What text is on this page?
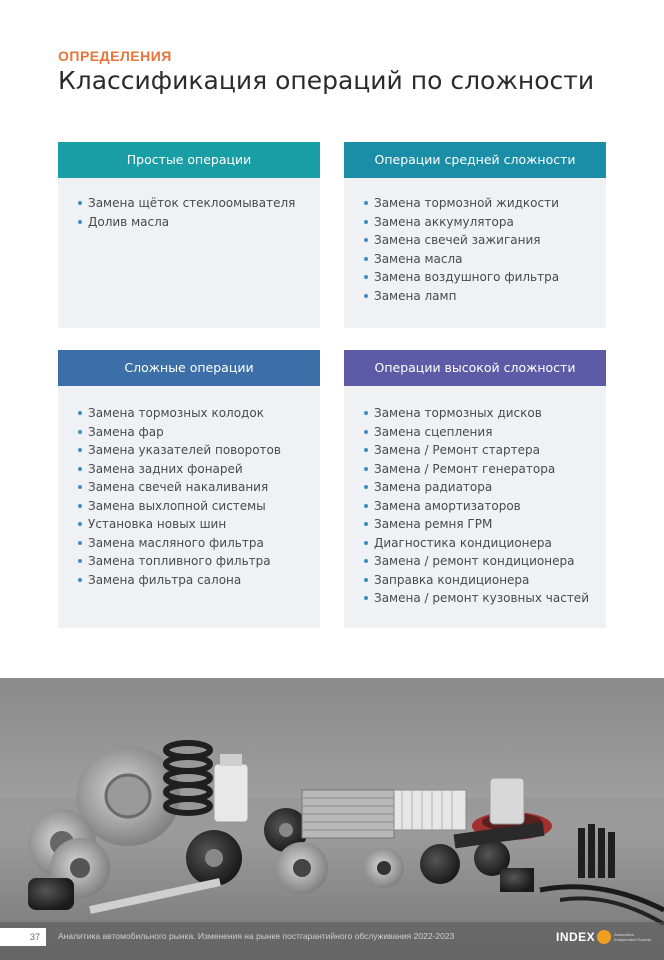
ОПРЕДЕЛЕНИЯ
Классификация операций по сложности
Простые операции
Замена щёток стеклоомывателя
Долив масла
Операции средней сложности
Замена тормозной жидкости
Замена аккумулятора
Замена свечей зажигания
Замена масла
Замена воздушного фильтра
Замена ламп
Сложные операции
Замена тормозных колодок
Замена фар
Замена указателей поворотов
Замена задних фонарей
Замена свечей накаливания
Замена выхлопной системы
Установка новых шин
Замена масляного фильтра
Замена топливного фильтра
Замена фильтра салона
Операции высокой сложности
Замена тормозных дисков
Замена сцепления
Замена / Ремонт стартера
Замена / Ремонт генератора
Замена радиатора
Замена амортизаторов
Замена ремня ГРМ
Диагностика кондиционера
Замена / ремонт кондиционера
Заправка кондиционера
Замена / ремонт кузовных частей
37	Аналитика автомобильного рынка. Изменения на рынке постгарантийного обслуживания 2022-2023	INDEX	Automotive Independent Experts
